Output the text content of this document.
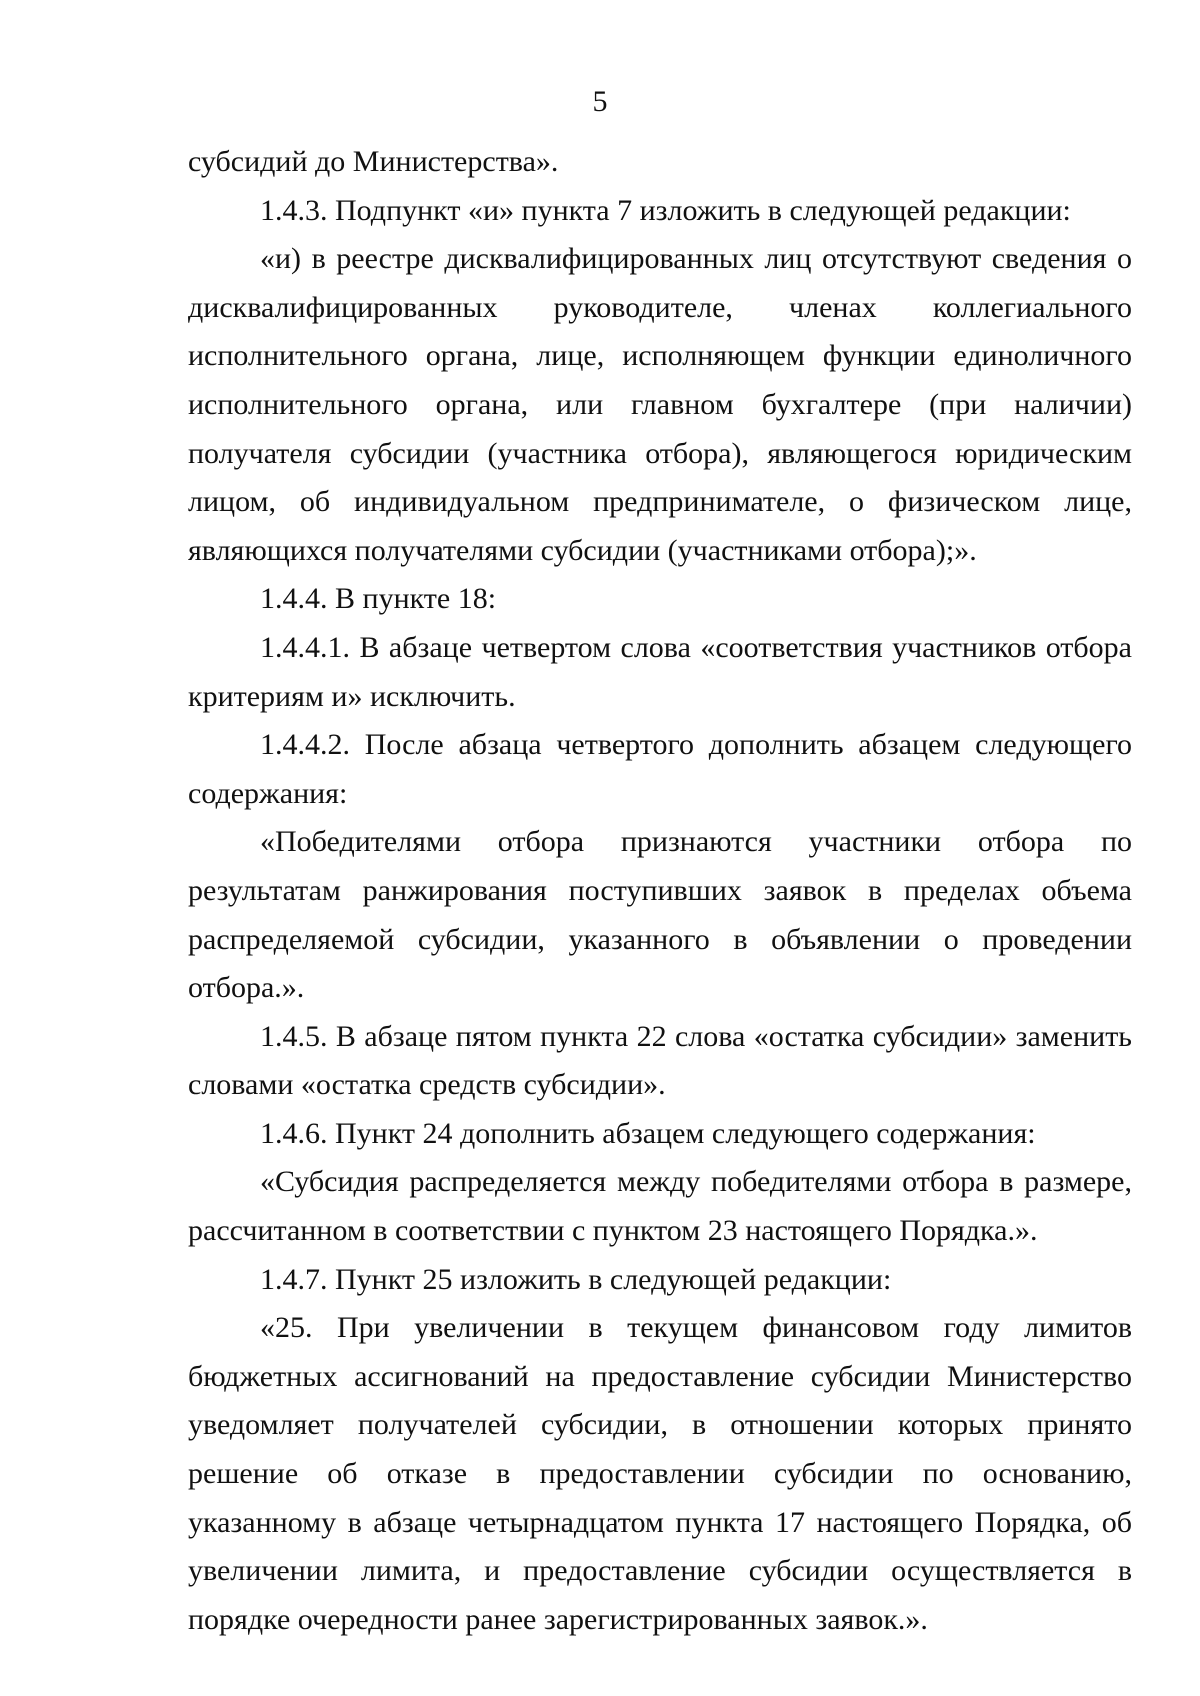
5

субсидий до Министерства».

1.4.3. Подпункт «и» пункта 7 изложить в следующей редакции:

«и) в реестре дисквалифицированных лиц отсутствуют сведения о дисквалифицированных руководителе, членах коллегиального исполнительного органа, лице, исполняющем функции единоличного исполнительного органа, или главном бухгалтере (при наличии) получателя субсидии (участника отбора), являющегося юридическим лицом, об индивидуальном предпринимателе, о физическом лице, являющихся получателями субсидии (участниками отбора);».

1.4.4. В пункте 18:

1.4.4.1. В абзаце четвертом слова «соответствия участников отбора критериям и» исключить.

1.4.4.2. После абзаца четвертого дополнить абзацем следующего содержания:

«Победителями отбора признаются участники отбора по результатам ранжирования поступивших заявок в пределах объема распределяемой субсидии, указанного в объявлении о проведении отбора.».

1.4.5. В абзаце пятом пункта 22 слова «остатка субсидии» заменить словами «остатка средств субсидии».

1.4.6. Пункт 24 дополнить абзацем следующего содержания:

«Субсидия распределяется между победителями отбора в размере, рассчитанном в соответствии с пунктом 23 настоящего Порядка.».

1.4.7. Пункт 25 изложить в следующей редакции:

«25. При увеличении в текущем финансовом году лимитов бюджетных ассигнований на предоставление субсидии Министерство уведомляет получателей субсидии, в отношении которых принято решение об отказе в предоставлении субсидии по основанию, указанному в абзаце четырнадцатом пункта 17 настоящего Порядка, об увеличении лимита, и предоставление субсидии осуществляется в порядке очередности ранее зарегистрированных заявок.».
